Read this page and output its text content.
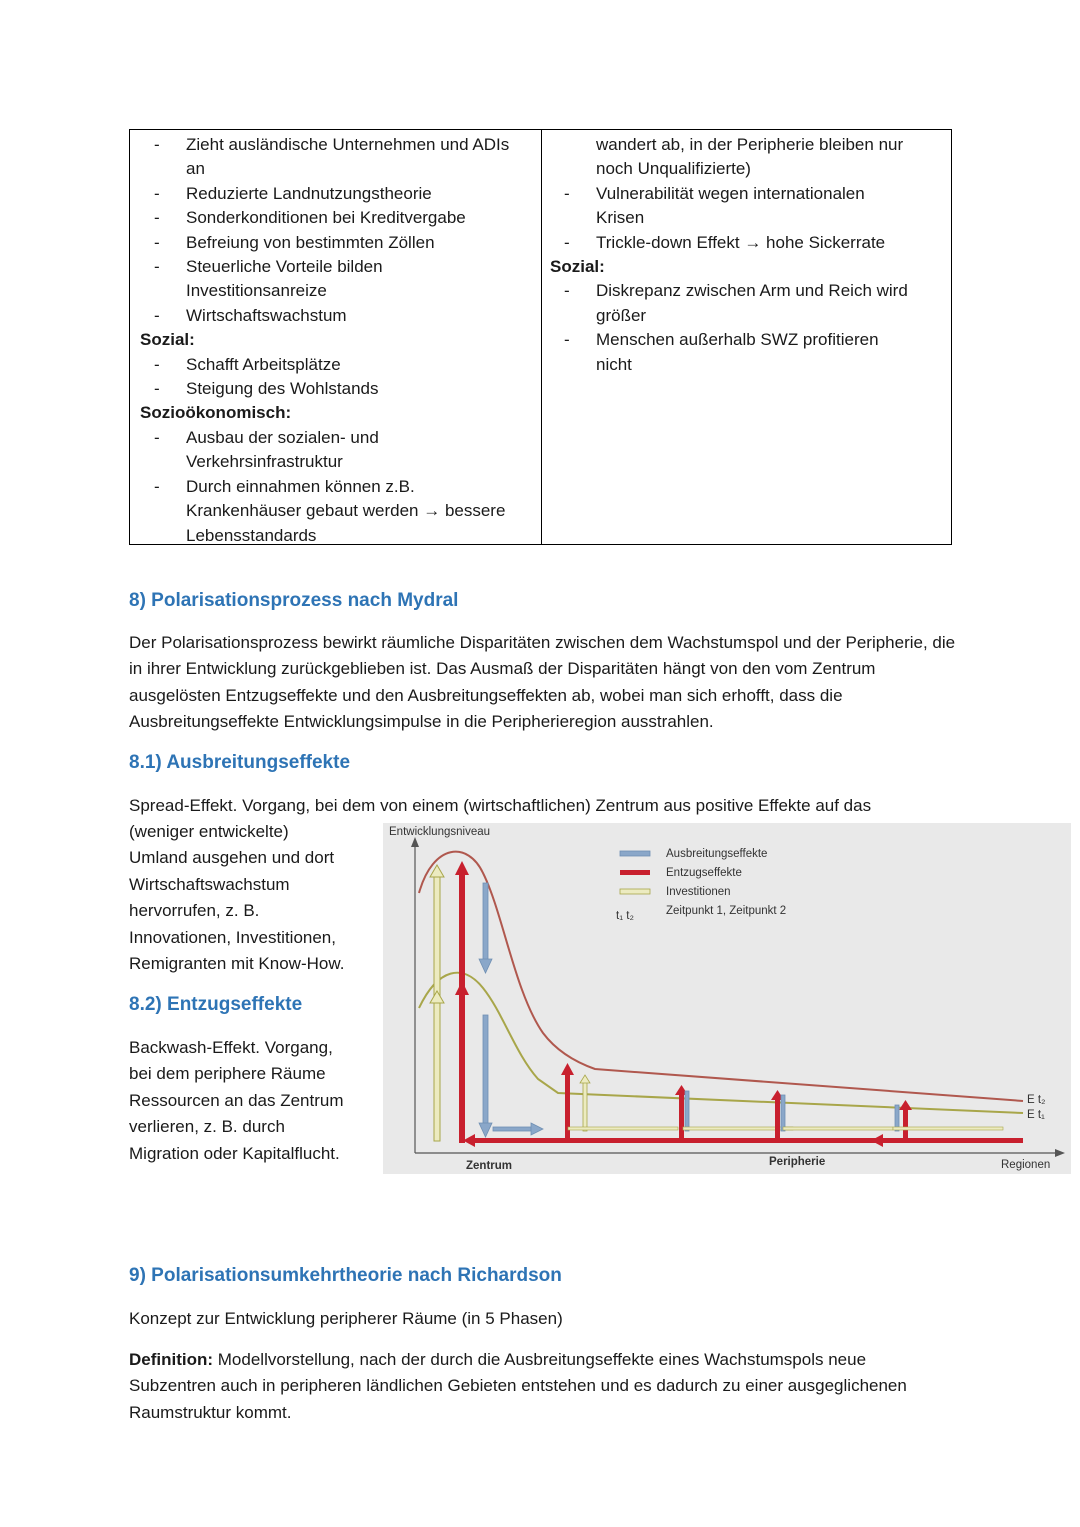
- Zieht ausländische Unternehmen und ADIs
an
- Reduzierte Landnutzungstheorie
- Sonderkonditionen bei Kreditvergabe
- Befreiung von bestimmten Zöllen
- Steuerliche Vorteile bilden
Investitionsanreize
- Wirtschaftswachstum
Sozial:
- Schafft Arbeitsplätze
- Steigung des Wohlstands
Sozioökonomisch:
- Ausbau der sozialen- und
Verkehrsinfrastruktur
- Durch einnahmen können z.B.
Krankenhäuser gebaut werden → bessere
Lebensstandards
wandert ab, in der Peripherie bleiben nur
noch Unqualifizierte)
- Vulnerabilität wegen internationalen
Krisen
- Trickle-down Effekt → hohe Sickerrate
Sozial:
- Diskrepanz zwischen Arm und Reich wird
größer
- Menschen außerhalb SWZ profitieren
nicht
8) Polarisationsprozess nach Mydral
Der Polarisationsprozess bewirkt räumliche Disparitäten zwischen dem Wachstumspol und der Peripherie, die in ihrer Entwicklung zurückgeblieben ist. Das Ausmaß der Disparitäten hängt von den vom Zentrum ausgelösten Entzugseffekte und den Ausbreitungseffekten ab, wobei man sich erhofft, dass die Ausbreitungseffekte Entwicklungsimpulse in die Peripherieregion ausstrahlen.
8.1) Ausbreitungseffekte
Spread-Effekt. Vorgang, bei dem von einem (wirtschaftlichen) Zentrum aus positive Effekte auf das
(weniger entwickelte)
Umland ausgehen und dort
Wirtschaftswachstum
hervorrufen, z. B.
Innovationen, Investitionen,
Remigranten mit Know-How.
8.2) Entzugseffekte
Backwash-Effekt. Vorgang,
bei dem periphere Räume
Ressourcen an das Zentrum
verlieren, z. B. durch
Migration oder Kapitalflucht.
Entwicklungsniveau
Ausbreitungseffekte
Entzugseffekte
Investitionen
t₁ t₂	Zeitpunkt 1, Zeitpunkt 2
Zentrum	Peripherie	Regionen
E t₂
E t₁
9) Polarisationsumkehrtheorie nach Richardson
Konzept zur Entwicklung peripherer Räume (in 5 Phasen)
Definition: Modellvorstellung, nach der durch die Ausbreitungseffekte eines Wachstumspols neue Subzentren auch in peripheren ländlichen Gebieten entstehen und es dadurch zu einer ausgeglichenen Raumstruktur kommt.
